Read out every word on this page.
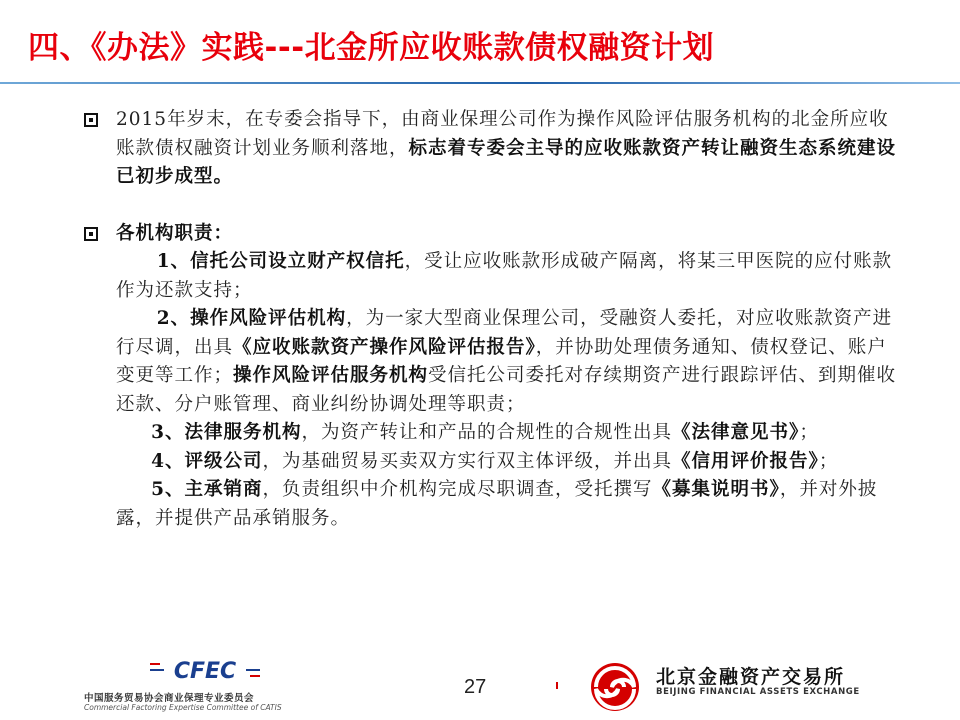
四、《办法》实践---北金所应收账款债权融资计划
2015年岁末，在专委会指导下，由商业保理公司作为操作风险评估服务机构的北金所应收账款债权融资计划业务顺利落地，标志着专委会主导的应收账款资产转让融资生态系统建设已初步成型。
各机构职责：

1、信托公司设立财产权信托，受让应收账款形成破产隔离，将某三甲医院的应付账款作为还款支持；

2、操作风险评估机构，为一家大型商业保理公司，受融资人委托，对应收账款资产进行尽调，出具《应收账款资产操作风险评估报告》，并协助处理债务通知、债权登记、账户变更等工作；操作风险评估服务机构受信托公司委托对存续期资产进行跟踪评估、到期催收还款、分户账管理、商业纠纷协调处理等职责；

3、法律服务机构，为资产转让和产品的合规性的合规性出具《法律意见书》；

4、评级公司，为基础贸易买卖双方实行双主体评级，并出具《信用评价报告》；

5、主承销商，负责组织中介机构完成尽职调查，受托撰写《募集说明书》，并对外披露，并提供产品承销服务。

CFEC
中国服务贸易协会商业保理专业委员会
Commercial Factoring Expertise Committee of CATIS
27	北京金融资产交易所
BEIJING FINANCIAL ASSETS EXCHANGE
